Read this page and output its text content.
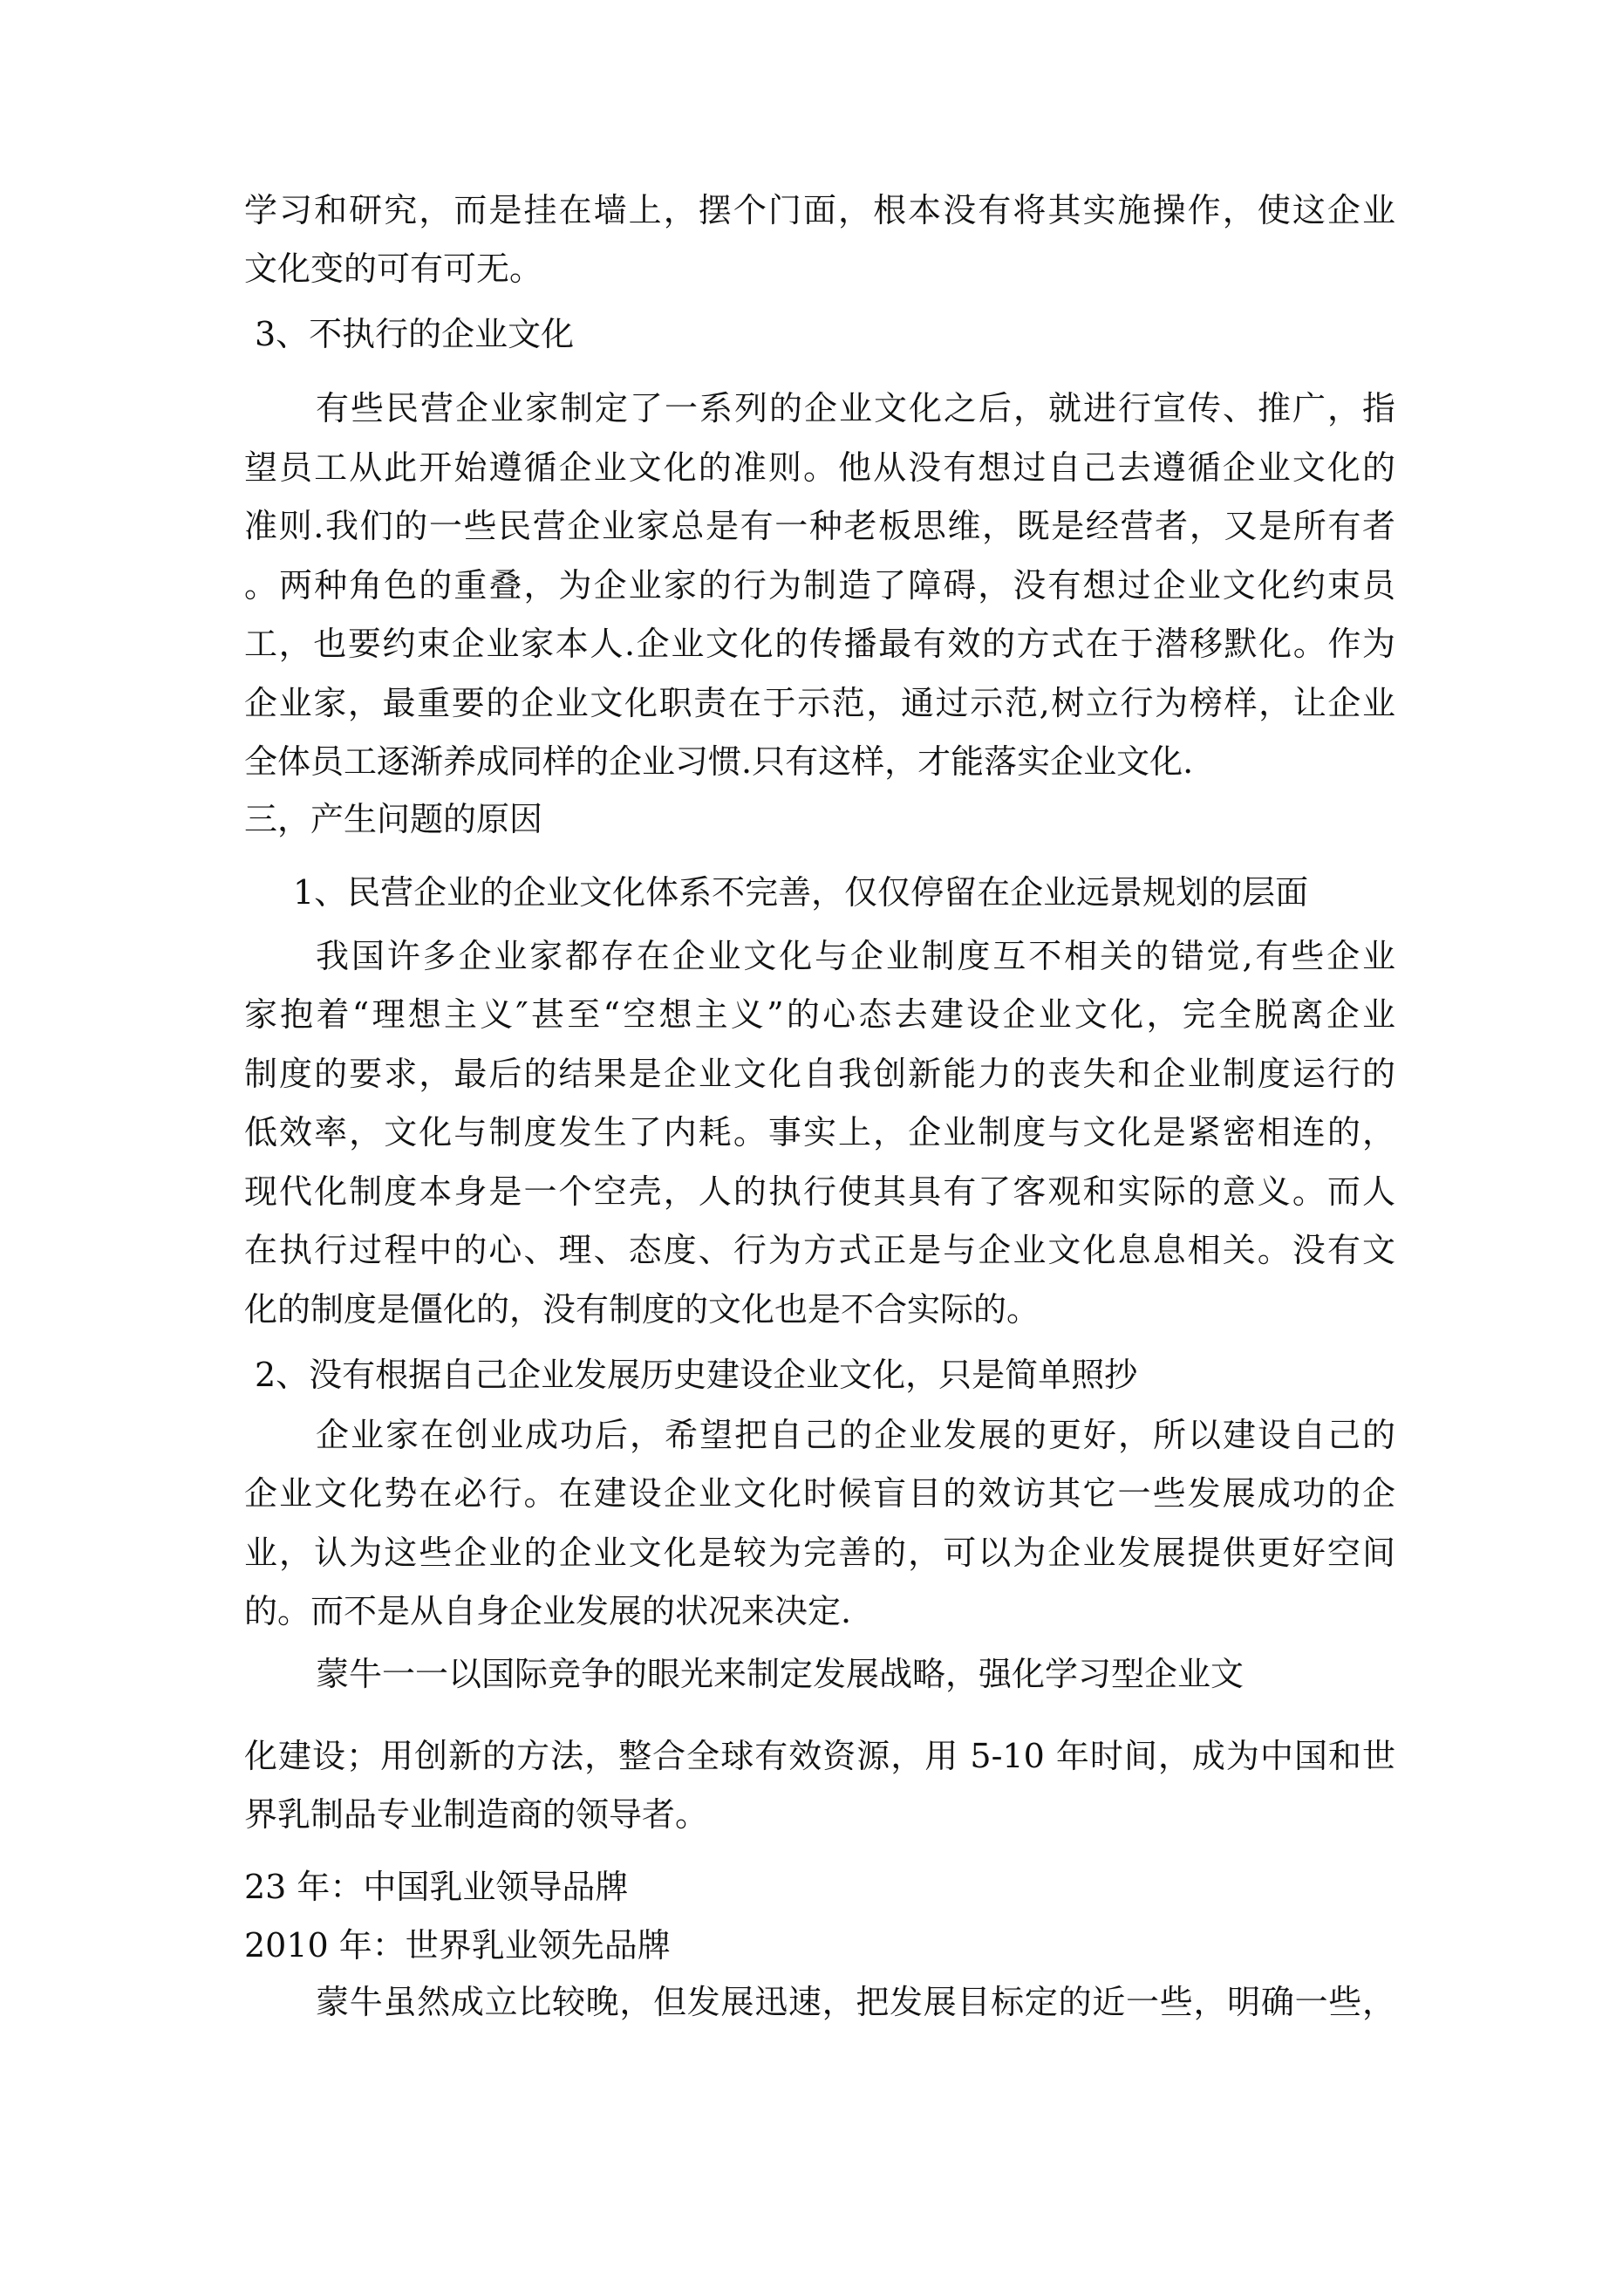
学习和研究，而是挂在墙上，摆个门面，根本没有将其实施操作，使这企业
文化变的可有可无。
3、不执行的企业文化
有些民营企业家制定了一系列的企业文化之后，就进行宣传、推广，指
望员工从此开始遵循企业文化的准则。他从没有想过自己去遵循企业文化的
准则.我们的一些民营企业家总是有一种老板思维，既是经营者，又是所有者
。两种角色的重叠，为企业家的行为制造了障碍，没有想过企业文化约束员
工，也要约束企业家本人.企业文化的传播最有效的方式在于潜移默化。作为
企业家，最重要的企业文化职责在于示范，通过示范,树立行为榜样，让企业
全体员工逐渐养成同样的企业习惯.只有这样，才能落实企业文化.
三，产生问题的原因
1、民营企业的企业文化体系不完善，仅仅停留在企业远景规划的层面
我国许多企业家都存在企业文化与企业制度互不相关的错觉,有些企业
家抱着“理想主义″甚至“空想主义”的心态去建设企业文化，完全脱离企业
制度的要求，最后的结果是企业文化自我创新能力的丧失和企业制度运行的
低效率，文化与制度发生了内耗。事实上，企业制度与文化是紧密相连的，
现代化制度本身是一个空壳，人的执行使其具有了客观和实际的意义。而人
在执行过程中的心、理、态度、行为方式正是与企业文化息息相关。没有文
化的制度是僵化的，没有制度的文化也是不合实际的。
2、没有根据自己企业发展历史建设企业文化，只是简单照抄
企业家在创业成功后，希望把自己的企业发展的更好，所以建设自己的
企业文化势在必行。在建设企业文化时候盲目的效访其它一些发展成功的企
业，认为这些企业的企业文化是较为完善的，可以为企业发展提供更好空间
的。而不是从自身企业发展的状况来决定.
蒙牛一一以国际竞争的眼光来制定发展战略，强化学习型企业文
化建设；用创新的方法，整合全球有效资源，用 5-10 年时间，成为中国和世
界乳制品专业制造商的领导者。
23 年：中国乳业领导品牌
2010 年：世界乳业领先品牌
蒙牛虽然成立比较晚，但发展迅速，把发展目标定的近一些，明确一些，
